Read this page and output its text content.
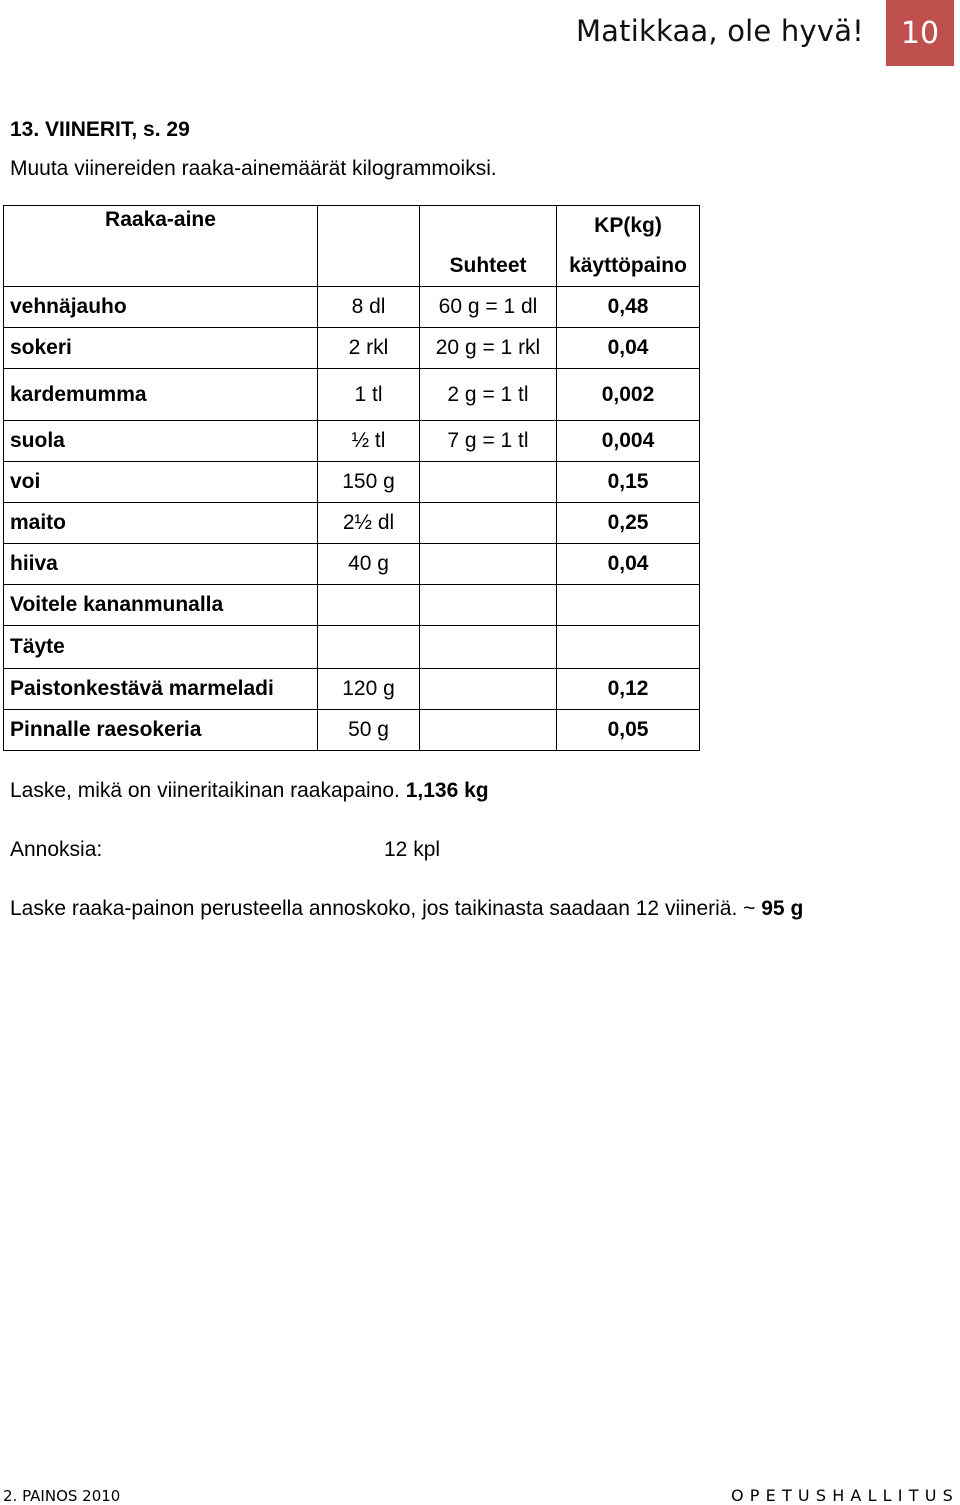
Matikkaa, ole hyvä!	10
13. VIINERIT, s. 29
Muuta viinereiden raaka-ainemäärät kilogrammoiksi.
Raaka-aine			KP(kg)
		Suhteet	käyttöpaino
vehnäjauho	8 dl	60 g = 1 dl	0,48
sokeri	2 rkl	20 g = 1 rkl	0,04
kardemumma	1 tl	2 g = 1 tl	0,002
suola	½ tl	7 g = 1 tl	0,004
voi	150 g		0,15
maito	2½ dl		0,25
hiiva	40 g		0,04
Voitele kananmunalla			
Täyte			
Paistonkestävä marmeladi	120 g		0,12
Pinnalle raesokeria	50 g		0,05
Laske, mikä on viineritaikinan raakapaino. 1,136 kg
Annoksia:	12 kpl
Laske raaka-painon perusteella annoskoko, jos taikinasta saadaan 12 viineriä. ~ 95 g
2. PAINOS 2010	OPETUSHALLITUS
